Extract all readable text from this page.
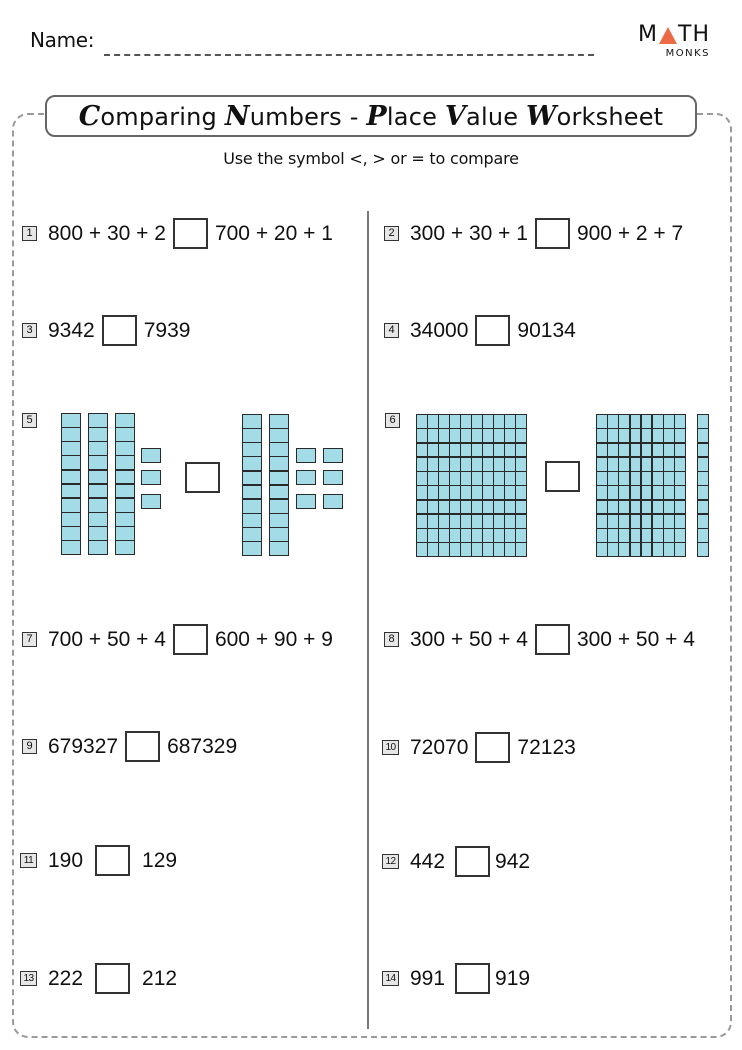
Name:	M TH
MONKS
Comparing Numbers - Place Value Worksheet
Use the symbol <, > or = to compare
1 800 + 30 + 2 700 + 20 + 1	2 300 + 30 + 1 900 + 2 + 7
3 9342 7939	4 34000 90134
5	6
7 700 + 50 + 4 600 + 90 + 9	8 300 + 50 + 4 300 + 50 + 4
9 679327 687329	10 72070 72123
11 190	129	12 442 942
13 222	212	14 991 919
